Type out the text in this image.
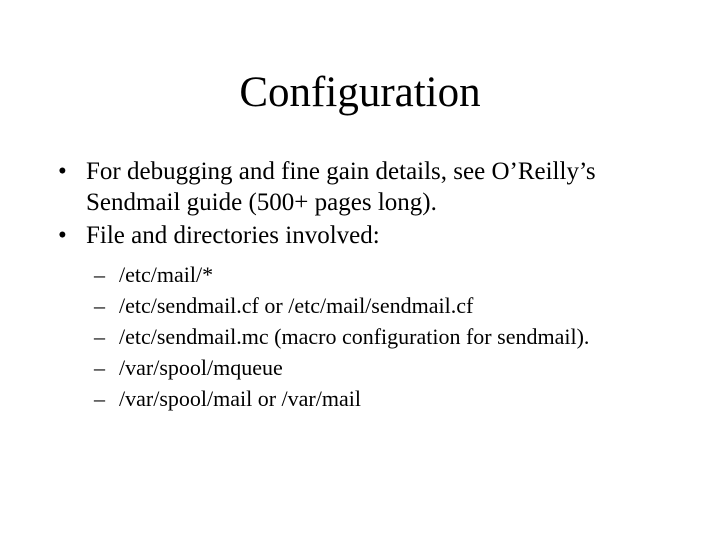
Configuration
• For debugging and fine gain details, see O’Reilly’s
Sendmail guide (500+ pages long).
• File and directories involved:
– /etc/mail/*
– /etc/sendmail.cf or /etc/mail/sendmail.cf
– /etc/sendmail.mc (macro configuration for sendmail).
– /var/spool/mqueue
– /var/spool/mail or /var/mail
